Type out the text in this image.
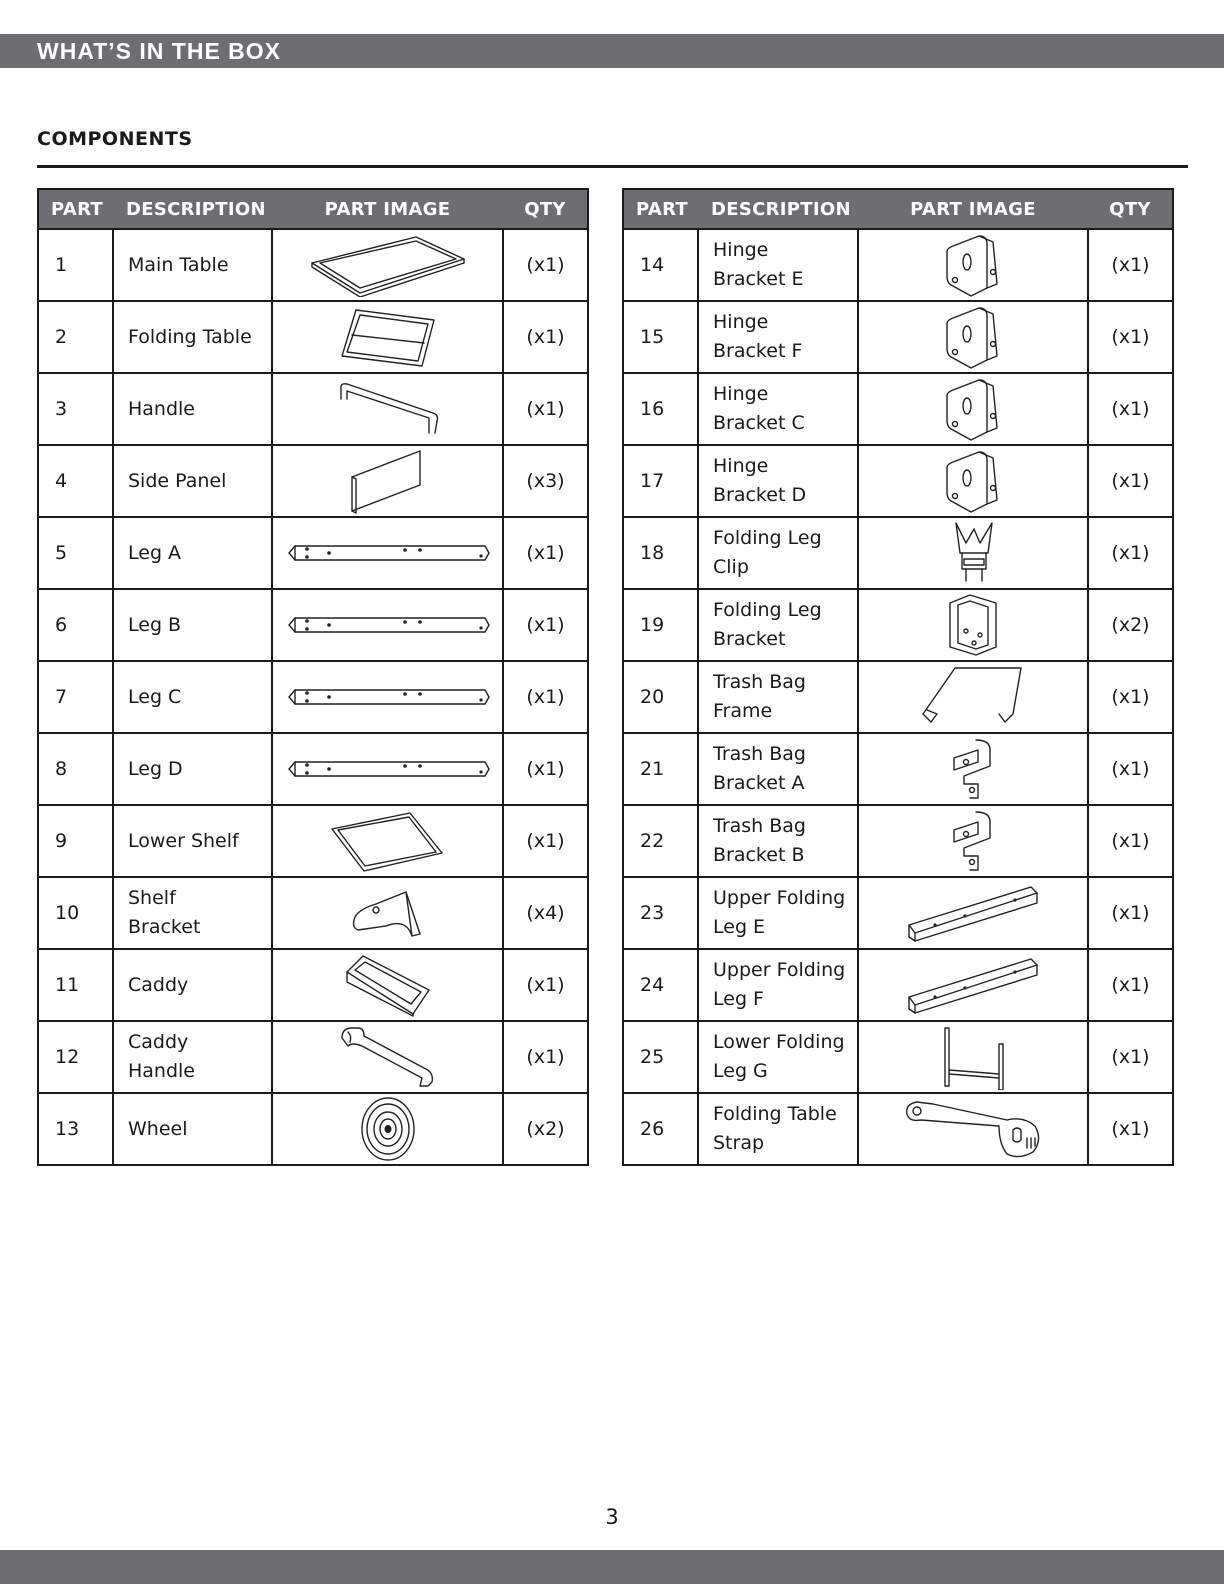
WHAT’S IN THE BOX
COMPONENTS
PART	DESCRIPTION	PART IMAGE	QTY
1	Main Table		(x1)
2	Folding Table		(x1)
3	Handle		(x1)
4	Side Panel		(x3)
5	Leg A		(x1)
6	Leg B		(x1)
7	Leg C		(x1)
8	Leg D		(x1)
9	Lower Shelf		(x1)
10	Shelf
Bracket		(x4)
11	Caddy		(x1)
12	Caddy
Handle		(x1)
13	Wheel		(x2)
PART	DESCRIPTION	PART IMAGE	QTY
14	Hinge
Bracket E		(x1)
15	Hinge
Bracket F		(x1)
16	Hinge
Bracket C		(x1)
17	Hinge
Bracket D		(x1)
18	Folding Leg
Clip		(x1)
19	Folding Leg
Bracket		(x2)
20	Trash Bag
Frame		(x1)
21	Trash Bag
Bracket A		(x1)
22	Trash Bag
Bracket B		(x1)
23	Upper Folding
Leg E		(x1)
24	Upper Folding
Leg F		(x1)
25	Lower Folding
Leg G		(x1)
26	Folding Table
Strap		(x1)
3
